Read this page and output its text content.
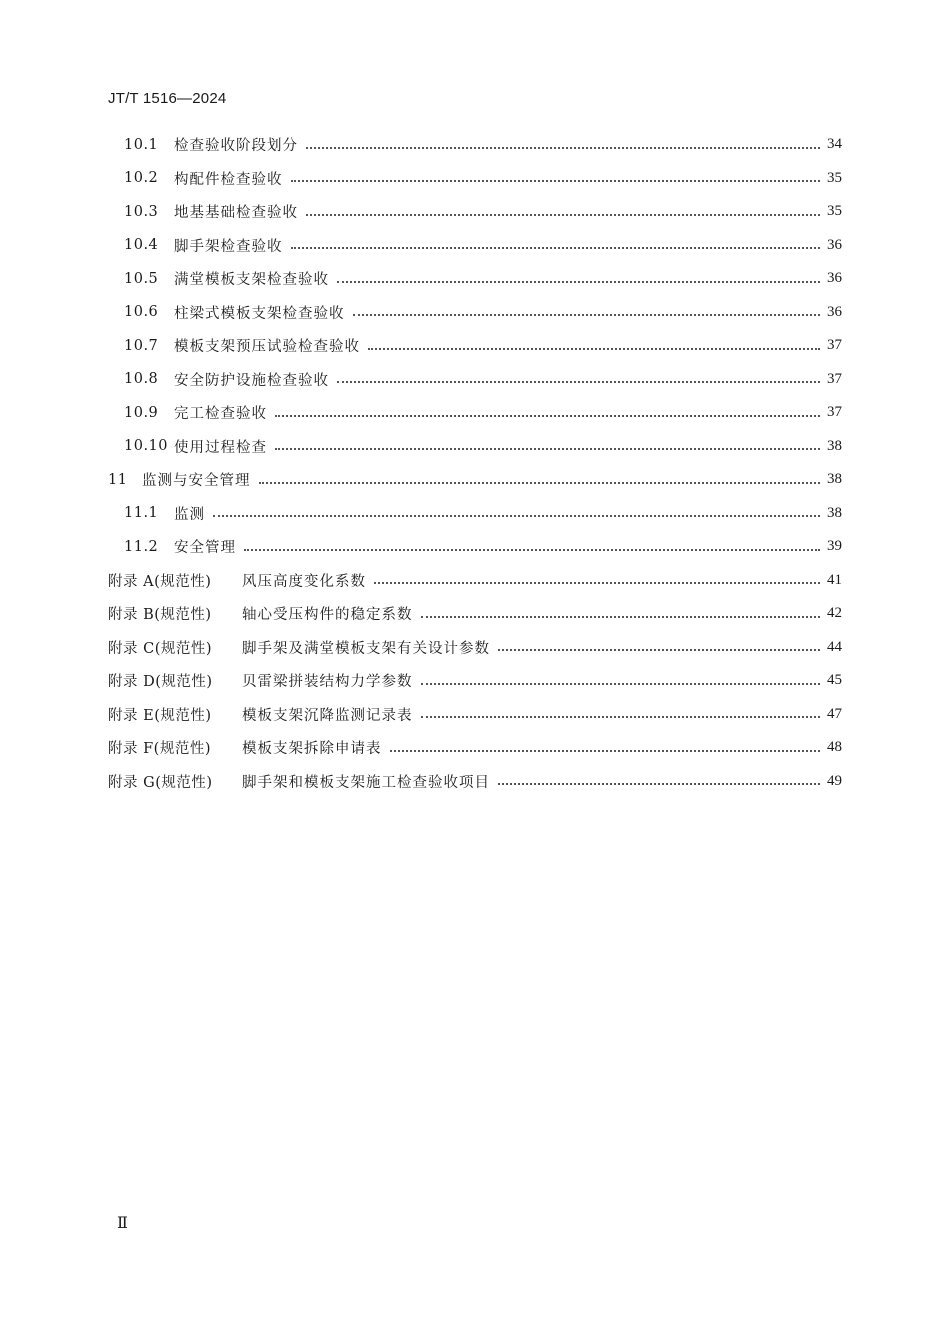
JT/T 1516—2024
10.1	检查验收阶段划分	34
10.2	构配件检查验收	35
10.3	地基基础检查验收	35
10.4	脚手架检查验收	36
10.5	满堂模板支架检查验收	36
10.6	柱梁式模板支架检查验收	36
10.7	模板支架预压试验检查验收	37
10.8	安全防护设施检查验收	37
10.9	完工检查验收	37
10.10 使用过程检查	38
11	监测与安全管理	38
11.1	监测	38
11.2	安全管理	39
附录 A(规范性)	风压高度变化系数	41
附录 B(规范性)	轴心受压构件的稳定系数	42
附录 C(规范性)	脚手架及满堂模板支架有关设计参数	44
附录 D(规范性)	贝雷梁拼装结构力学参数	45
附录 E(规范性)	模板支架沉降监测记录表	47
附录 F(规范性)	模板支架拆除申请表	48
附录 G(规范性)	脚手架和模板支架施工检查验收项目	49
Ⅱ
